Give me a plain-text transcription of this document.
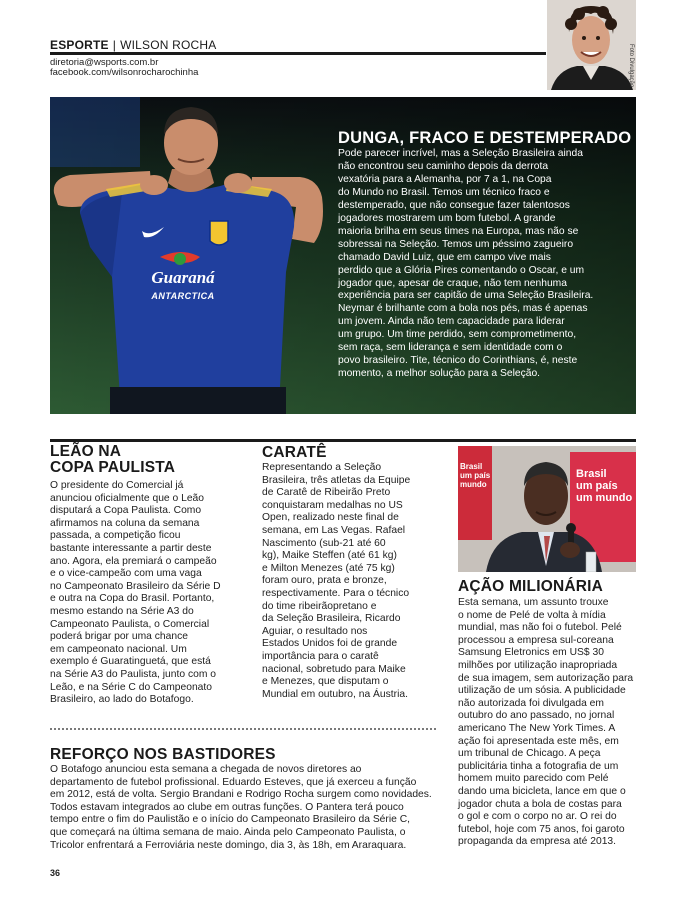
ESPORTE | WILSON ROCHA
diretoria@wsports.com.br
facebook.com/wilsonrocharochinha	Foto Divulgação
Guaraná
ANTARCTICA
DUNGA, FRACO E DESTEMPERADO
Pode parecer incrível, mas a Seleção Brasileira ainda
não encontrou seu caminho depois da derrota
vexatória para a Alemanha, por 7 a 1, na Copa
do Mundo no Brasil. Temos um técnico fraco e
destemperado, que não consegue fazer talentosos
jogadores mostrarem um bom futebol. A grande
maioria brilha em seus times na Europa, mas não se
sobressai na Seleção. Temos um péssimo zagueiro
chamado David Luiz, que em campo vive mais
perdido que a Glória Pires comentando o Oscar, e um
jogador que, apesar de craque, não tem nenhuma
experiência para ser capitão de uma Seleção Brasileira.
Neymar é brilhante com a bola nos pés, mas é apenas
um jovem. Ainda não tem capacidade para liderar
um grupo. Um time perdido, sem comprometimento,
sem raça, sem liderança e sem identidade com o
povo brasileiro. Tite, técnico do Corinthians, é, neste
momento, a melhor solução para a Seleção.
LEÃO NA
COPA PAULISTA
O presidente do Comercial já
anunciou oficialmente que o Leão
disputará a Copa Paulista. Como
afirmamos na coluna da semana
passada, a competição ficou
bastante interessante a partir deste
ano. Agora, ela premiará o campeão
e o vice-campeão com uma vaga
no Campeonato Brasileiro da Série D
e outra na Copa do Brasil. Portanto,
mesmo estando na Série A3 do
Campeonato Paulista, o Comercial
poderá brigar por uma chance
em campeonato nacional. Um
exemplo é Guaratinguetá, que está
na Série A3 do Paulista, junto com o
Leão, e na Série C do Campeonato
Brasileiro, ao lado do Botafogo.
CARATÊ
Representando a Seleção
Brasileira, três atletas da Equipe
de Caratê de Ribeirão Preto
conquistaram medalhas no US
Open, realizado neste final de
semana, em Las Vegas. Rafael
Nascimento (sub-21 até 60
kg), Maike Steffen (até 61 kg)
e Milton Menezes (até 75 kg)
foram ouro, prata e bronze,
respectivamente. Para o técnico
do time ribeirãopretano e
da Seleção Brasileira, Ricardo
Aguiar, o resultado nos
Estados Unidos foi de grande
importância para o caratê
nacional, sobretudo para Maike
e Menezes, que disputam o
Mundial em outubro, na Áustria.
Brasil
um país
mundo
Brasil
um país
um mundo
AÇÃO MILIONÁRIA
Esta semana, um assunto trouxe
o nome de Pelé de volta à mídia
mundial, mas não foi o futebol. Pelé
processou a empresa sul-coreana
Samsung Eletronics em US$ 30
milhões por utilização inapropriada
de sua imagem, sem autorização para
utilização de um sósia. A publicidade
não autorizada foi divulgada em
outubro do ano passado, no jornal
americano The New York Times. A
ação foi apresentada este mês, em
um tribunal de Chicago. A peça
publicitária tinha a fotografia de um
homem muito parecido com Pelé
dando uma bicicleta, lance em que o
jogador chuta a bola de costas para
o gol e com o corpo no ar. O rei do
futebol, hoje com 75 anos, foi garoto
propaganda da empresa até 2013.
REFORÇO NOS BASTIDORES
O Botafogo anunciou esta semana a chegada de novos diretores ao
departamento de futebol profissional. Eduardo Esteves, que já exerceu a função
em 2012, está de volta. Sergio Brandani e Rodrigo Rocha surgem como novidades.
Todos estavam integrados ao clube em outras funções. O Pantera terá pouco
tempo entre o fim do Paulistão e o início do Campeonato Brasileiro da Série C,
que começará na última semana de maio. Ainda pelo Campeonato Paulista, o
Tricolor enfrentará a Ferroviária neste domingo, dia 3, às 18h, em Araraquara.
36
